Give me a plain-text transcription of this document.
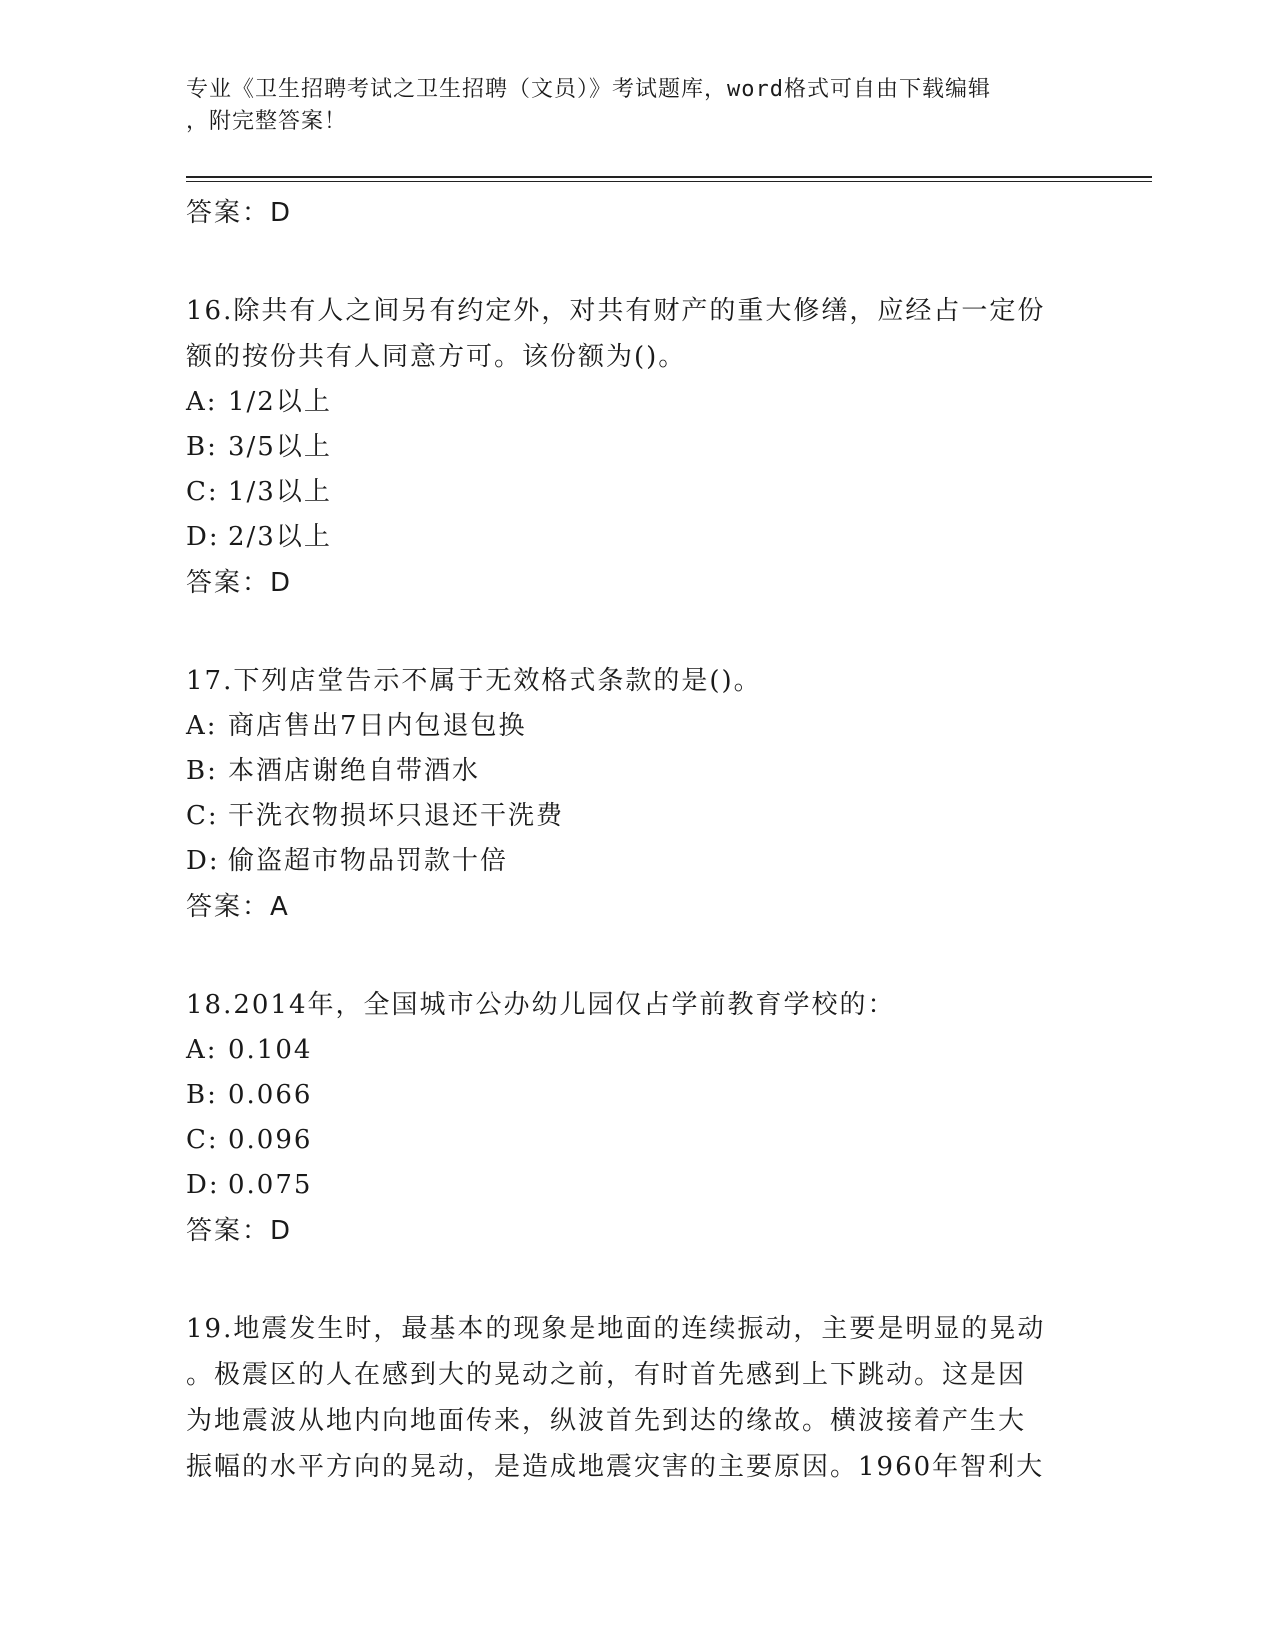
专业《卫生招聘考试之卫生招聘（文员）》考试题库，word格式可自由下载编辑
，附完整答案！
答案：D
16.除共有人之间另有约定外，对共有财产的重大修缮，应经占一定份
额的按份共有人同意方可。该份额为()。
A: 1/2以上
B: 3/5以上
C: 1/3以上
D: 2/3以上
答案：D
17.下列店堂告示不属于无效格式条款的是()。
A: 商店售出7日内包退包换
B: 本酒店谢绝自带酒水
C: 干洗衣物损坏只退还干洗费
D: 偷盗超市物品罚款十倍
答案：A
18.2014年，全国城市公办幼儿园仅占学前教育学校的：
A: 0.104
B: 0.066
C: 0.096
D: 0.075
答案：D
19.地震发生时，最基本的现象是地面的连续振动，主要是明显的晃动
。极震区的人在感到大的晃动之前，有时首先感到上下跳动。这是因
为地震波从地内向地面传来，纵波首先到达的缘故。横波接着产生大
振幅的水平方向的晃动，是造成地震灾害的主要原因。1960年智利大
